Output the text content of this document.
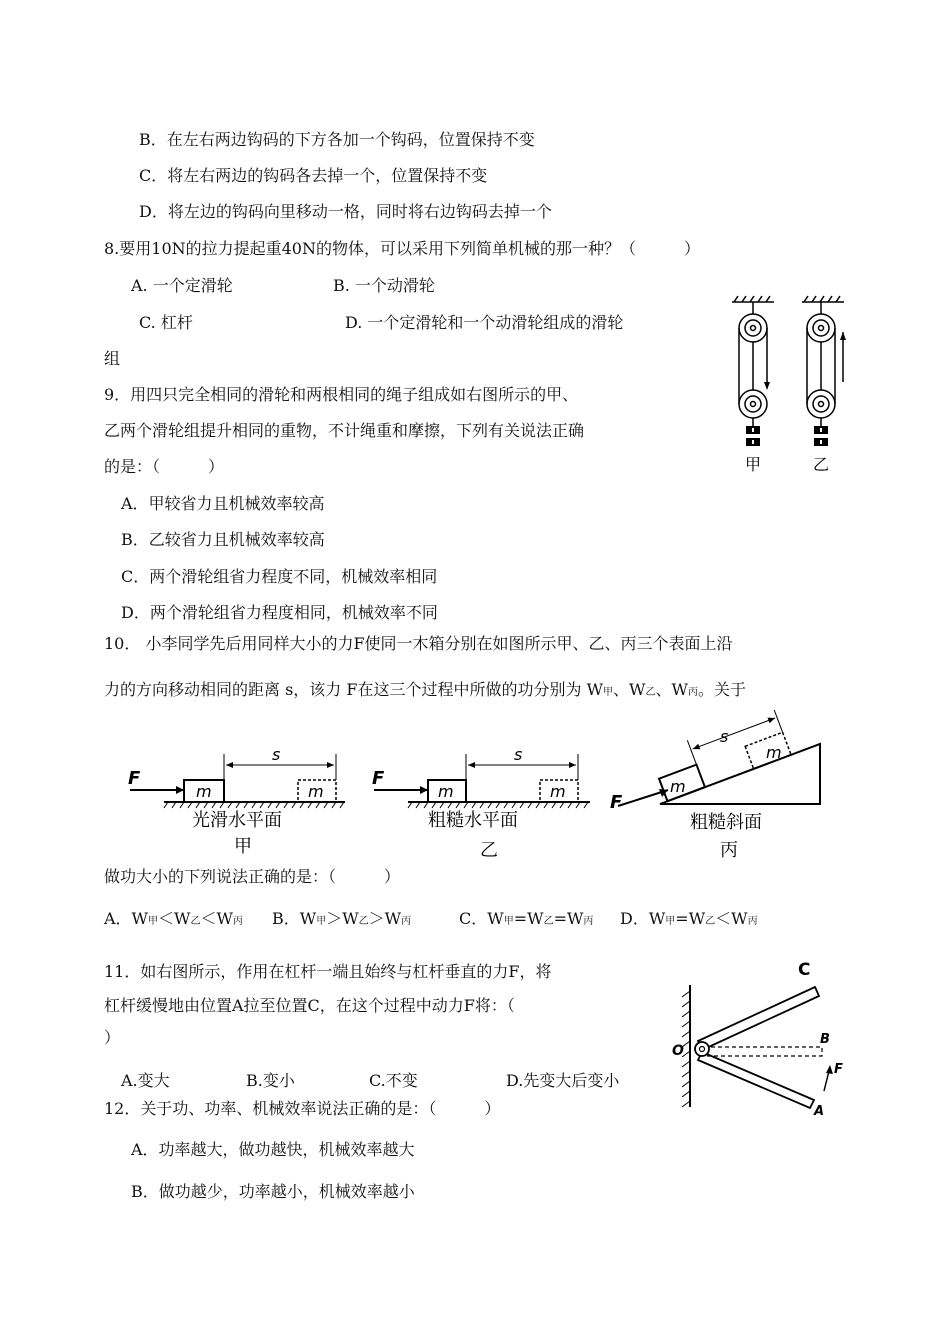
B．在左右两边钩码的下方各加一个钩码，位置保持不变
C．将左右两边的钩码各去掉一个，位置保持不变
D．将左边的钩码向里移动一格，同时将右边钩码去掉一个
8.要用10N的拉力提起重40N的物体，可以采用下列简单机械的那一种？（　　　）
A. 一个定滑轮	B. 一个动滑轮
C. 杠杆	D. 一个定滑轮和一个动滑轮组成的滑轮
组
甲	乙
9．用四只完全相同的滑轮和两根相同的绳子组成如右图所示的甲、
乙两个滑轮组提升相同的重物，不计绳重和摩擦，下列有关说法正确
的是：（　　　）
A．甲较省力且机械效率较高
B．乙较省力且机械效率较高
C．两个滑轮组省力程度不同，机械效率相同
D．两个滑轮组省力程度相同，机械效率不同
10． 小李同学先后用同样大小的力F使同一木箱分别在如图所示甲、乙、丙三个表面上沿
力的方向移动相同的距离 s，该力 F在这三个过程中所做的功分别为 W甲、W乙、W丙。关于
F
m	m
s
光滑水平面
甲
F
m	m
s
粗糙水平面
乙
F
m
m
s
粗糙斜面
丙
做功大小的下列说法正确的是：（　　　）
A．W甲＜W乙＜W丙 B．W甲＞W乙＞W丙	C．W甲=W乙=W丙 D．W甲=W乙＜W丙
11．如右图所示，作用在杠杆一端且始终与杠杆垂直的力F，将
杠杆缓慢地由位置A拉至位置C，在这个过程中动力F将：（
）
A.变大	B.变小	C.不变	D.先变大后变小
C
B
O
F
A
12．关于功、功率、机械效率说法正确的是：（　　　）
A．功率越大，做功越快，机械效率越大
B．做功越少，功率越小，机械效率越小
